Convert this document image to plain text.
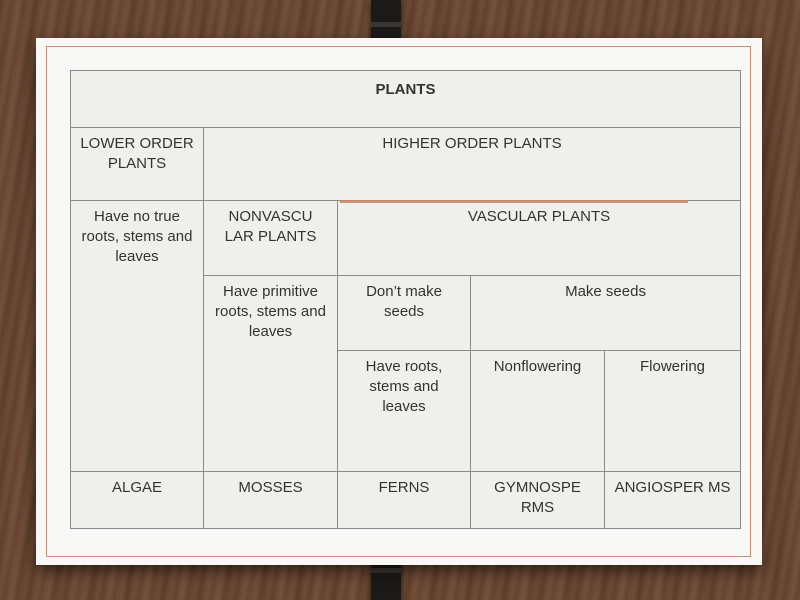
PLANTS				
LOWER ORDER PLANTS	HIGHER ORDER PLANTS			
Have no true roots, stems and leaves	NONVASCU LAR PLANTS	VASCULAR PLANTS		
	Have primitive roots, stems and leaves	Don’t make seeds	Make seeds	
		Have roots, stems and leaves	Nonflowering	Flowering
ALGAE	MOSSES	FERNS	GYMNOSPE RMS	ANGIOSPER MS
